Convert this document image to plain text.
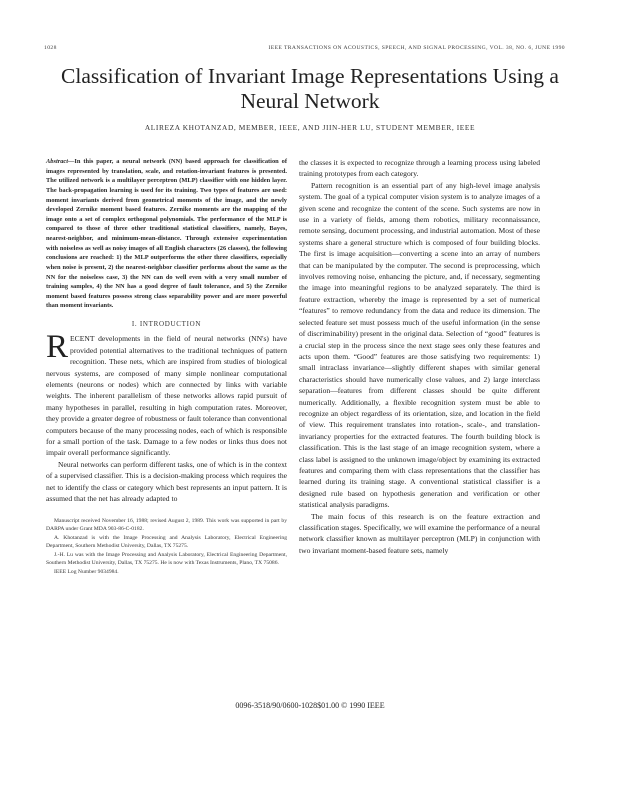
1028	IEEE TRANSACTIONS ON ACOUSTICS, SPEECH, AND SIGNAL PROCESSING, VOL. 38, NO. 6, JUNE 1990
Classification of Invariant Image Representations Using a Neural Network
ALIREZA KHOTANZAD, MEMBER, IEEE, AND JIIN-HER LU, STUDENT MEMBER, IEEE
Abstract—In this paper, a neural network (NN) based approach for classification of images represented by translation, scale, and rotation-invariant features is presented. The utilized network is a multilayer perceptron (MLP) classifier with one hidden layer. The back-propagation learning is used for its training. Two types of features are used: moment invariants derived from geometrical moments of the image, and the newly developed Zernike moment based features. Zernike moments are the mapping of the image onto a set of complex orthogonal polynomials. The performance of the MLP is compared to those of three other traditional statistical classifiers, namely, Bayes, nearest-neighbor, and minimum-mean-distance. Through extensive experimentation with noiseless as well as noisy images of all English characters (26 classes), the following conclusions are reached: 1) the MLP outperforms the other three classifiers, especially when noise is present, 2) the nearest-neighbor classifier performs about the same as the NN for the noiseless case, 3) the NN can do well even with a very small number of training samples, 4) the NN has a good degree of fault tolerance, and 5) the Zernike moment based features possess strong class separability power and are more powerful than moment invariants.
I. INTRODUCTION
R ECENT developments in the field of neural networks (NN's) have provided potential alternatives to the traditional techniques of pattern recognition. These nets, which are inspired from studies of biological nervous systems, are composed of many simple nonlinear computational elements (neurons or nodes) which are connected by links with variable weights. The inherent parallelism of these networks allows rapid pursuit of many hypotheses in parallel, resulting in high computation rates. Moreover, they provide a greater degree of robustness or fault tolerance than conventional computers because of the many processing nodes, each of which is responsible for a small portion of the task. Damage to a few nodes or links thus does not impair overall performance significantly.

Neural networks can perform different tasks, one of which is in the context of a supervised classifier. This is a decision-making process which requires the net to identify the class or category which best represents an input pattern. It is assumed that the net has already adapted to

Manuscript received November 16, 1988; revised August 2, 1989. This work was supported in part by DARPA under Grant MDA 903-86-C-0182.

A. Khotanzad is with the Image Processing and Analysis Laboratory, Electrical Engineering Department, Southern Methodist University, Dallas, TX 75275.

J.-H. Lu was with the Image Processing and Analysis Laboratory, Electrical Engineering Department, Southern Methodist University, Dallas, TX 75275. He is now with Texas Instruments, Plano, TX 75086.

IEEE Log Number 9034984.

the classes it is expected to recognize through a learning process using labeled training prototypes from each category.

Pattern recognition is an essential part of any high-level image analysis system. The goal of a typical computer vision system is to analyze images of a given scene and recognize the content of the scene. Such systems are now in use in a variety of fields, among them robotics, military reconnaissance, remote sensing, document processing, and industrial automation. Most of these systems share a general structure which is composed of four building blocks. The first is image acquisition—converting a scene into an array of numbers that can be manipulated by the computer. The second is preprocessing, which involves removing noise, enhancing the picture, and, if necessary, segmenting the image into meaningful regions to be analyzed separately. The third is feature extraction, whereby the image is represented by a set of numerical “features” to remove redundancy from the data and reduce its dimension. The selected feature set must possess much of the useful information (in the sense of discriminability) present in the original data. Selection of “good” features is a crucial step in the process since the next stage sees only these features and acts upon them. “Good” features are those satisfying two requirements: 1) small intraclass invariance—slightly different shapes with similar general characteristics should have numerically close values, and 2) large interclass separation—features from different classes should be quite different numerically. Additionally, a flexible recognition system must be able to recognize an object regardless of its orientation, size, and location in the field of view. This requirement translates into rotation-, scale-, and translation-invariancy properties for the extracted features. The fourth building block is classification. This is the last stage of an image recognition system, where a class label is assigned to the unknown image/object by examining its extracted features and comparing them with class representations that the classifier has learned during its training stage. A conventional statistical classifier is a designed rule based on hypothesis generation and verification or other statistical analysis paradigms.

The main focus of this research is on the feature extraction and classification stages. Specifically, we will examine the performance of a neural network classifier known as multilayer perceptron (MLP) in conjunction with two invariant moment-based feature sets, namely

0096-3518/90/0600-1028$01.00 © 1990 IEEE
